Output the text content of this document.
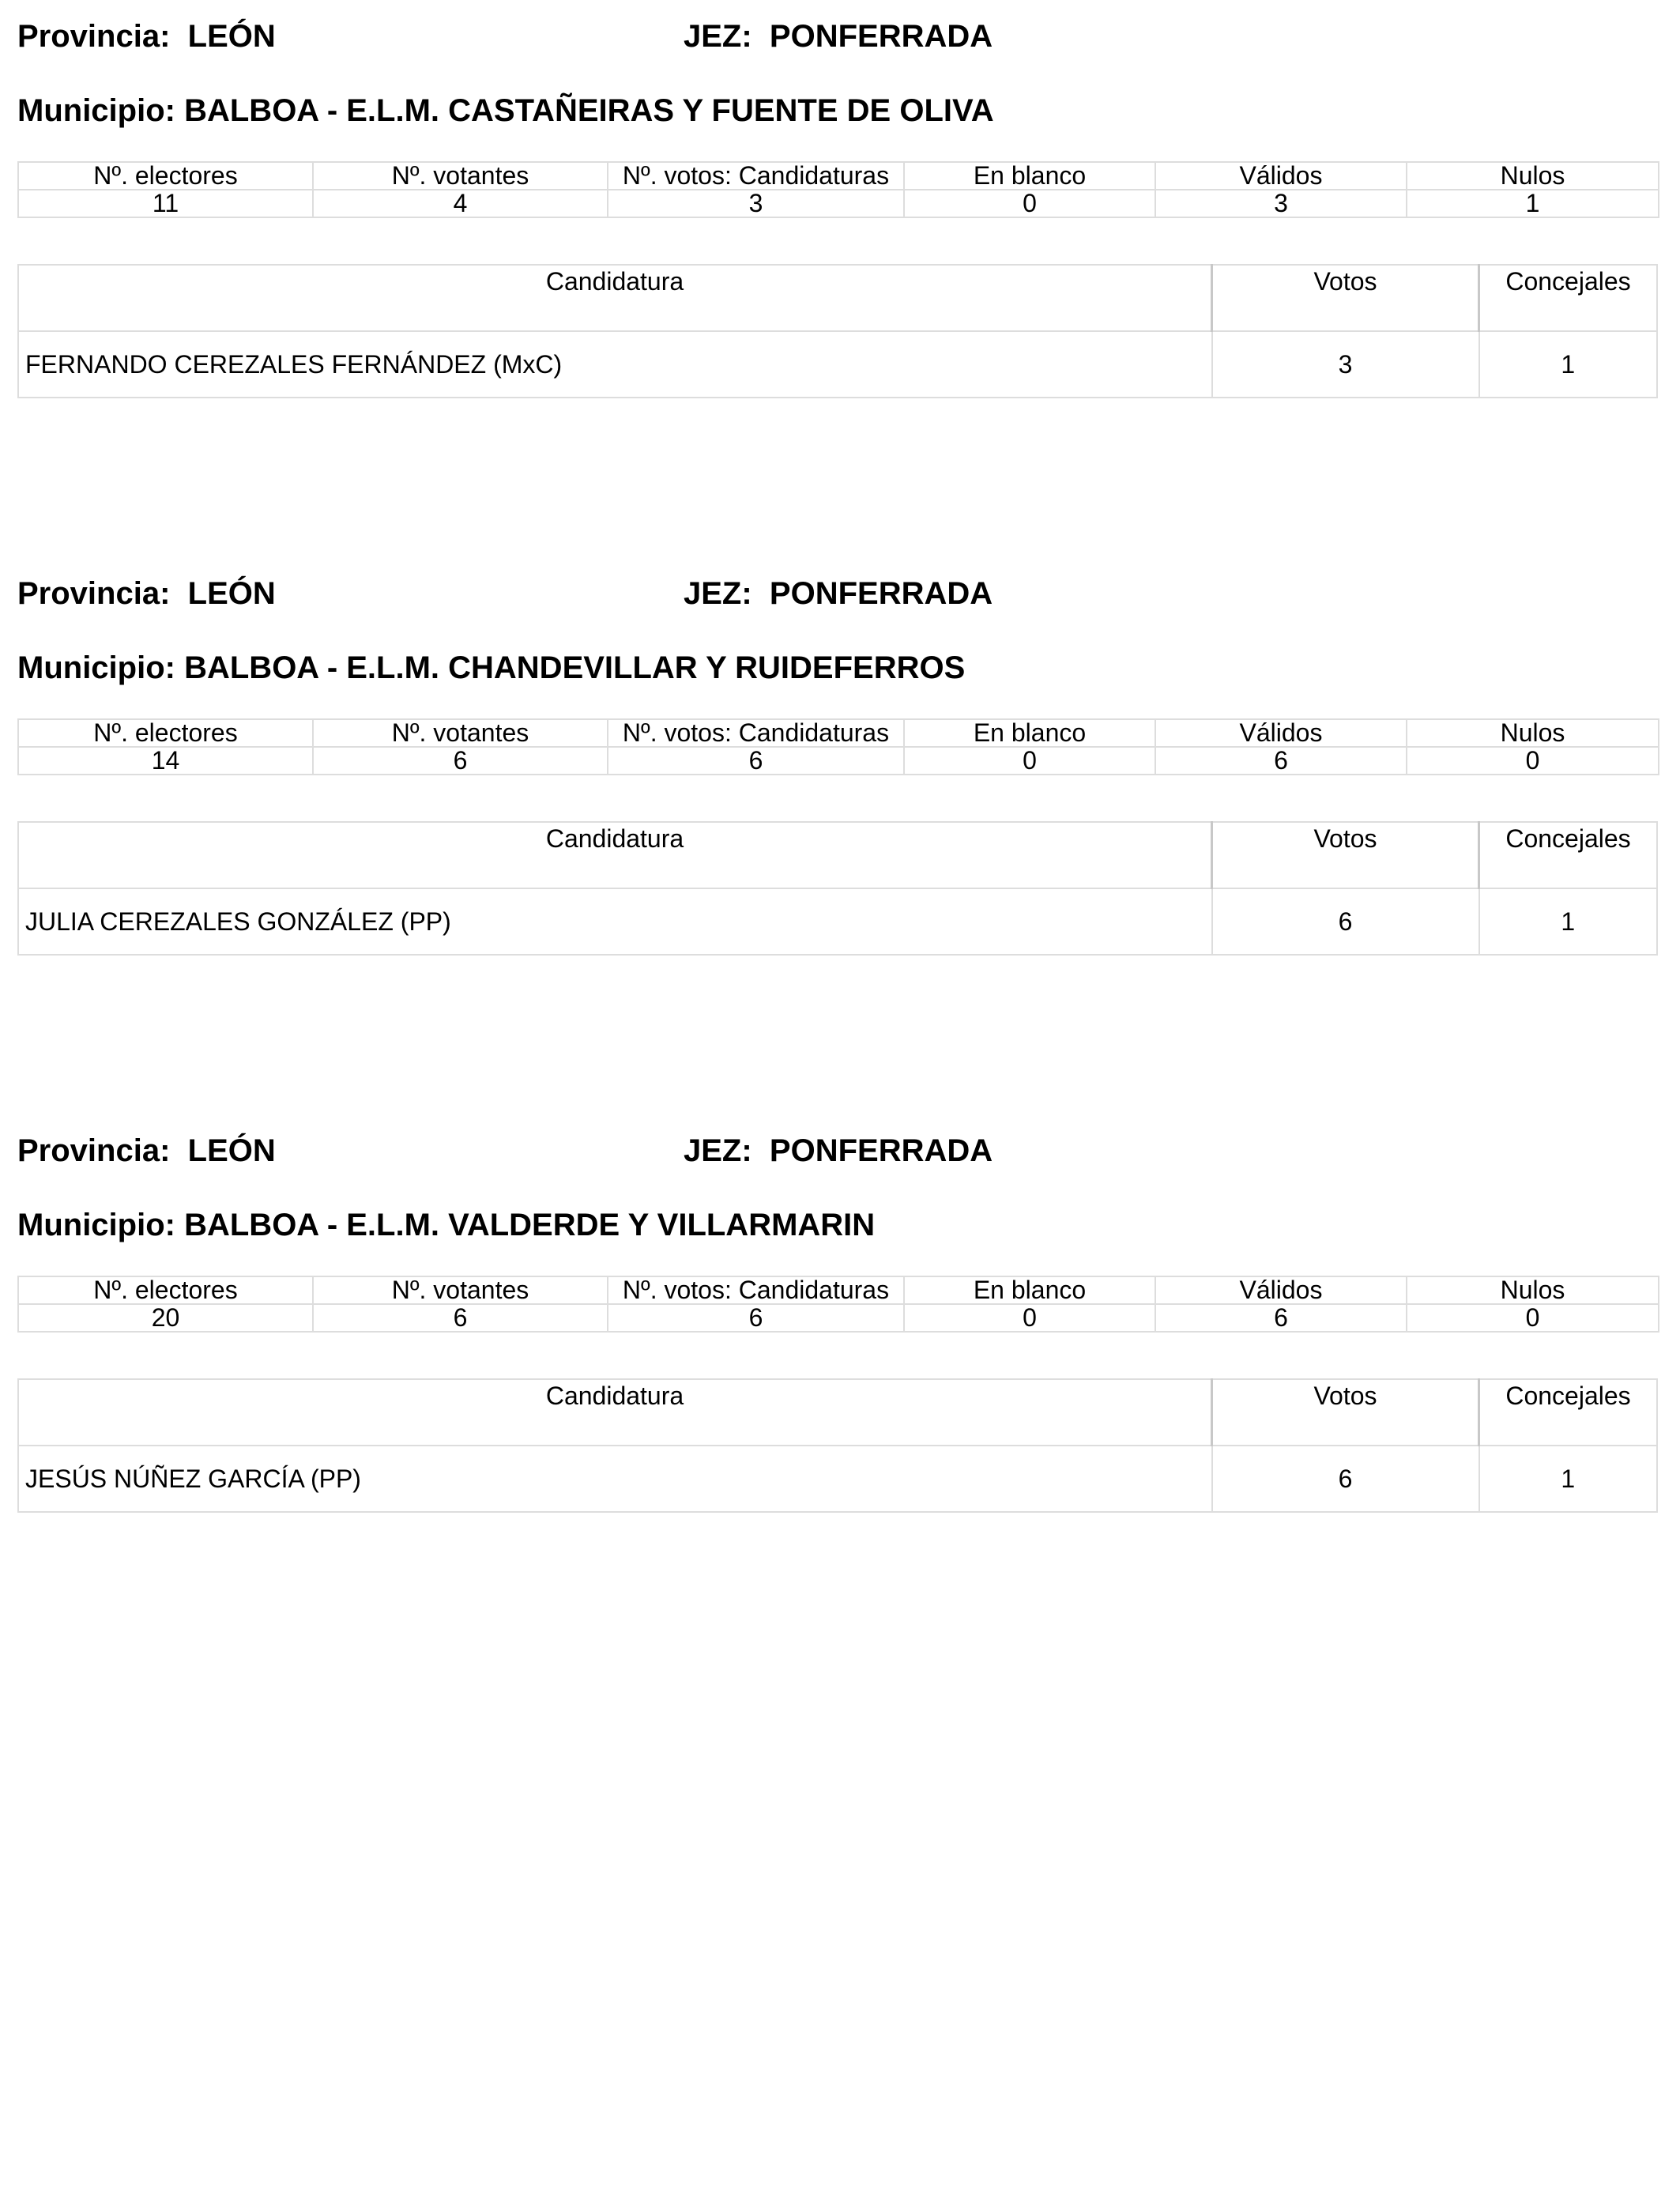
Provincia: LEÓN	JEZ: PONFERRADA
Municipio: BALBOA - E.L.M. CASTAÑEIRAS Y FUENTE DE OLIVA
Nº. electores	Nº. votantes	Nº. votos: Candidaturas	En blanco	Válidos	Nulos
11	4	3	0	3	1
Candidatura	Votos	Concejales
FERNANDO CEREZALES FERNÁNDEZ (MxC)	3	1
Provincia: LEÓN	JEZ: PONFERRADA
Municipio: BALBOA - E.L.M. CHANDEVILLAR Y RUIDEFERROS
Nº. electores	Nº. votantes	Nº. votos: Candidaturas	En blanco	Válidos	Nulos
14	6	6	0	6	0
Candidatura	Votos	Concejales
JULIA CEREZALES GONZÁLEZ (PP)	6	1
Provincia: LEÓN	JEZ: PONFERRADA
Municipio: BALBOA - E.L.M. VALDERDE Y VILLARMARIN
Nº. electores	Nº. votantes	Nº. votos: Candidaturas	En blanco	Válidos	Nulos
20	6	6	0	6	0
Candidatura	Votos	Concejales
JESÚS NÚÑEZ GARCÍA (PP)	6	1
